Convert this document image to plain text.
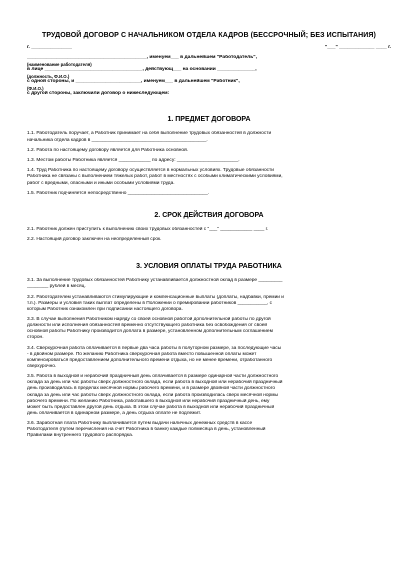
ТРУДОВОЙ ДОГОВОР С НАЧАЛЬНИКОМ ОТДЕЛА КАДРОВ (БЕССРОЧНЫЙ; БЕЗ ИСПЫТАНИЯ)
г. _______________	"___" _____________ ____ г.
____________________________________________, именуем___ в дальнейшем "Работодатель",
(наименование работодателя)
в лице ____________________________________, действующ___ на основании ______________,
(должность, Ф.И.О.)
с одной стороны, и ________________________, именуем___ в дальнейшем "Работник",
(Ф.И.О.)
с другой стороны, заключили договор о нижеследующем:
1. ПРЕДМЕТ ДОГОВОРА
1.1. Работодатель поручает, а Работник принимает на себя выполнение трудовых обязанностей в должности
начальника отдела кадров в ___________________________________________.
1.2. Работа по настоящему договору является для Работника основной.
1.3. Местом работы Работника является ____________ по адресу: _______________________.
1.4. Труд Работника по настоящему договору осуществляется в нормальных условиях. Трудовые обязанности
Работника не связаны с выполнением тяжелых работ, работ в местностях с особыми климатическими условиями,
работ с вредными, опасными и иными особыми условиями труда.
1.5. Работник подчиняется непосредственно ______________________________.
2. СРОК ДЕЙСТВИЯ ДОГОВОРА
2.1. Работник должен приступить к выполнению своих трудовых обязанностей с "___" ____________ ____ г.
2.2. Настоящий договор заключен на неопределенный срок.
3. УСЛОВИЯ ОПЛАТЫ ТРУДА РАБОТНИКА
3.1. За выполнение трудовых обязанностей Работнику устанавливается должностной оклад в размере _________
________ рублей в месяц.
3.2. Работодателем устанавливаются стимулирующие и компенсационные выплаты (доплаты, надбавки, премии и
т.п.). Размеры и условия таких выплат определены в Положении о премировании работников ___________, с
которым Работник ознакомлен при подписании настоящего договора.
3.3. В случае выполнения Работником наряду со своей основной работой дополнительной работы по другой
должности или исполнения обязанностей временно отсутствующего работника без освобождения от своей
основной работы Работнику производится доплата в размере, установленном дополнительным соглашением
сторон.
3.4. Сверхурочная работа оплачивается в первые два часа работы в полуторном размере, за последующие часы
- в двойном размере. По желанию Работника сверхурочная работа вместо повышенной оплаты может
компенсироваться предоставлением дополнительного времени отдыха, но не менее времени, отработанного
сверхурочно.
3.5. Работа в выходной и нерабочий праздничный день оплачивается в размере одинарной части должностного
оклада за день или час работы сверх должностного оклада, если работа в выходной или нерабочий праздничный
день производилась в пределах месячной нормы рабочего времени, и в размере двойной части должностного
оклада за день или час работы сверх должностного оклада, если работа производилась сверх месячной нормы
рабочего времени. По желанию Работника, работавшего в выходной или нерабочий праздничный день, ему
может быть предоставлен другой день отдыха. В этом случае работа в выходной или нерабочий праздничный
день оплачивается в одинарном размере, а день отдыха оплате не подлежит.
3.6. Заработная плата Работнику выплачивается путем выдачи наличных денежных средств в кассе
Работодателя (путем перечисления на счет Работника в банке) каждые полмесяца в день, установленный
Правилами внутреннего трудового распорядка.
